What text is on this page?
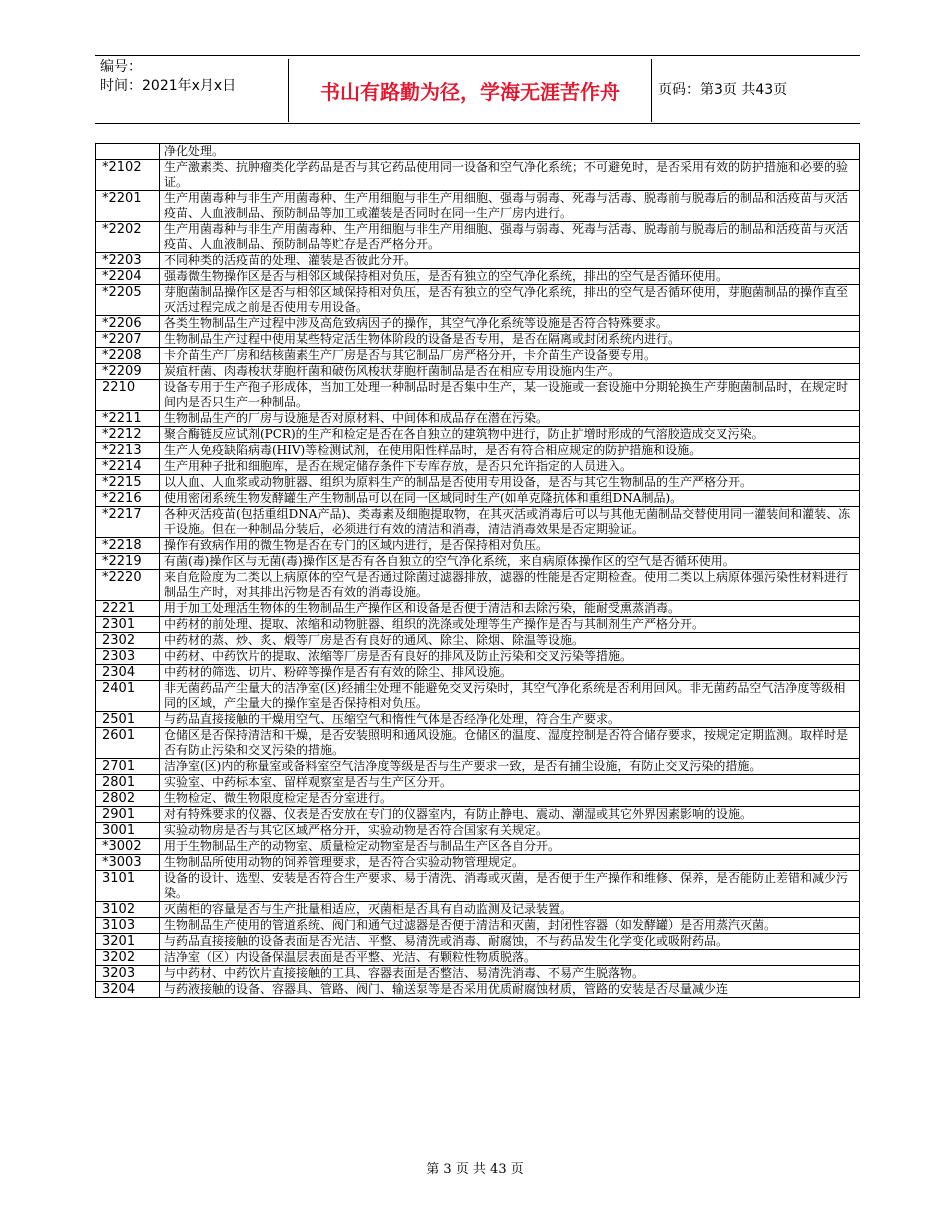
编号：
时间：2021年x月x日	书山有路勤为径，学海无涯苦作舟	页码：第3页 共43页
	净化处理。
*2102	生产激素类、抗肿瘤类化学药品是否与其它药品使用同一设备和空气净化系统；不可避免时，是否采用有效的防护措施和必要的验证。
*2201	生产用菌毒种与非生产用菌毒种、生产用细胞与非生产用细胞、强毒与弱毒、死毒与活毒、脱毒前与脱毒后的制品和活疫苗与灭活疫苗、人血液制品、预防制品等加工或灌装是否同时在同一生产厂房内进行。
*2202	生产用菌毒种与非生产用菌毒种、生产用细胞与非生产用细胞、强毒与弱毒、死毒与活毒、脱毒前与脱毒后的制品和活疫苗与灭活疫苗、人血液制品、预防制品等贮存是否严格分开。
*2203	不同种类的活疫苗的处理、灌装是否彼此分开。
*2204	强毒微生物操作区是否与相邻区域保持相对负压，是否有独立的空气净化系统，排出的空气是否循环使用。
*2205	芽胞菌制品操作区是否与相邻区域保持相对负压，是否有独立的空气净化系统，排出的空气是否循环使用，芽胞菌制品的操作直至灭活过程完成之前是否使用专用设备。
*2206	各类生物制品生产过程中涉及高危致病因子的操作，其空气净化系统等设施是否符合特殊要求。
*2207	生物制品生产过程中使用某些特定活生物体阶段的设备是否专用，是否在隔离或封闭系统内进行。
*2208	卡介苗生产厂房和结核菌素生产厂房是否与其它制品厂房严格分开，卡介苗生产设备要专用。
*2209	炭疽杆菌、肉毒梭状芽胞杆菌和破伤风梭状芽胞杆菌制品是否在相应专用设施内生产。
2210	设备专用于生产孢子形成体，当加工处理一种制品时是否集中生产，某一设施或一套设施中分期轮换生产芽胞菌制品时，在规定时间内是否只生产一种制品。
*2211	生物制品生产的厂房与设施是否对原材料、中间体和成品存在潜在污染。
*2212	聚合酶链反应试剂(PCR)的生产和检定是否在各自独立的建筑物中进行，防止扩增时形成的气溶胶造成交叉污染。
*2213	生产人免疫缺陷病毒(HIV)等检测试剂，在使用阳性样品时，是否有符合相应规定的防护措施和设施。
*2214	生产用种子批和细胞库，是否在规定储存条件下专库存放，是否只允许指定的人员进入。
*2215	以人血、人血浆或动物脏器、组织为原料生产的制品是否使用专用设备，是否与其它生物制品的生产严格分开。
*2216	使用密闭系统生物发酵罐生产生物制品可以在同一区域同时生产(如单克隆抗体和重组DNA制品)。
*2217	各种灭活疫苗(包括重组DNA产品)、类毒素及细胞提取物，在其灭活或消毒后可以与其他无菌制品交替使用同一灌装间和灌装、冻干设施。但在一种制品分装后，必须进行有效的清洁和消毒，清洁消毒效果是否定期验证。
*2218	操作有致病作用的微生物是否在专门的区域内进行，是否保持相对负压。
*2219	有菌(毒)操作区与无菌(毒)操作区是否有各自独立的空气净化系统，来自病原体操作区的空气是否循环使用。
*2220	来自危险度为二类以上病原体的空气是否通过除菌过滤器排放，滤器的性能是否定期检查。使用二类以上病原体强污染性材料进行制品生产时，对其排出污物是否有效的消毒设施。
2221	用于加工处理活生物体的生物制品生产操作区和设备是否便于清洁和去除污染，能耐受熏蒸消毒。
2301	中药材的前处理、提取、浓缩和动物脏器、组织的洗涤或处理等生产操作是否与其制剂生产严格分开。
2302	中药材的蒸、炒、炙、煅等厂房是否有良好的通风、除尘、除烟、除温等设施。
2303	中药材、中药饮片的提取、浓缩等厂房是否有良好的排风及防止污染和交叉污染等措施。
2304	中药材的筛选、切片、粉碎等操作是否有有效的除尘、排风设施。
2401	非无菌药品产尘量大的洁净室(区)经捕尘处理不能避免交叉污染时，其空气净化系统是否利用回风。非无菌药品空气洁净度等级相同的区域，产尘量大的操作室是否保持相对负压。
2501	与药品直接接触的干燥用空气、压缩空气和惰性气体是否经净化处理，符合生产要求。
2601	仓储区是否保持清洁和干燥，是否安装照明和通风设施。仓储区的温度、湿度控制是否符合储存要求，按规定定期监测。取样时是否有防止污染和交叉污染的措施。
2701	洁净室(区)内的称量室或备料室空气洁净度等级是否与生产要求一致，是否有捕尘设施，有防止交叉污染的措施。
2801	实验室、中药标本室、留样观察室是否与生产区分开。
2802	生物检定、微生物限度检定是否分室进行。
2901	对有特殊要求的仪器、仪表是否安放在专门的仪器室内，有防止静电、震动、潮湿或其它外界因素影响的设施。
3001	实验动物房是否与其它区域严格分开，实验动物是否符合国家有关规定。
*3002	用于生物制品生产的动物室、质量检定动物室是否与制品生产区各自分开。
*3003	生物制品所使用动物的饲养管理要求，是否符合实验动物管理规定。
3101	设备的设计、选型、安装是否符合生产要求、易于清洗、消毒或灭菌，是否便于生产操作和维修、保养，是否能防止差错和减少污染。
3102	灭菌柜的容量是否与生产批量相适应，灭菌柜是否具有自动监测及记录装置。
3103	生物制品生产使用的管道系统、阀门和通气过滤器是否便于清洁和灭菌，封闭性容器（如发酵罐）是否用蒸汽灭菌。
3201	与药品直接接触的设备表面是否光洁、平整、易清洗或消毒、耐腐蚀，不与药品发生化学变化或吸附药品。
3202	洁净室（区）内设备保温层表面是否平整、光洁、有颗粒性物质脱落。
3203	与中药材、中药饮片直接接触的工具、容器表面是否整洁、易清洗消毒、不易产生脱落物。
3204	与药液接触的设备、容器具、管路、阀门、输送泵等是否采用优质耐腐蚀材质，管路的安装是否尽量减少连
第 3 页 共 43 页
